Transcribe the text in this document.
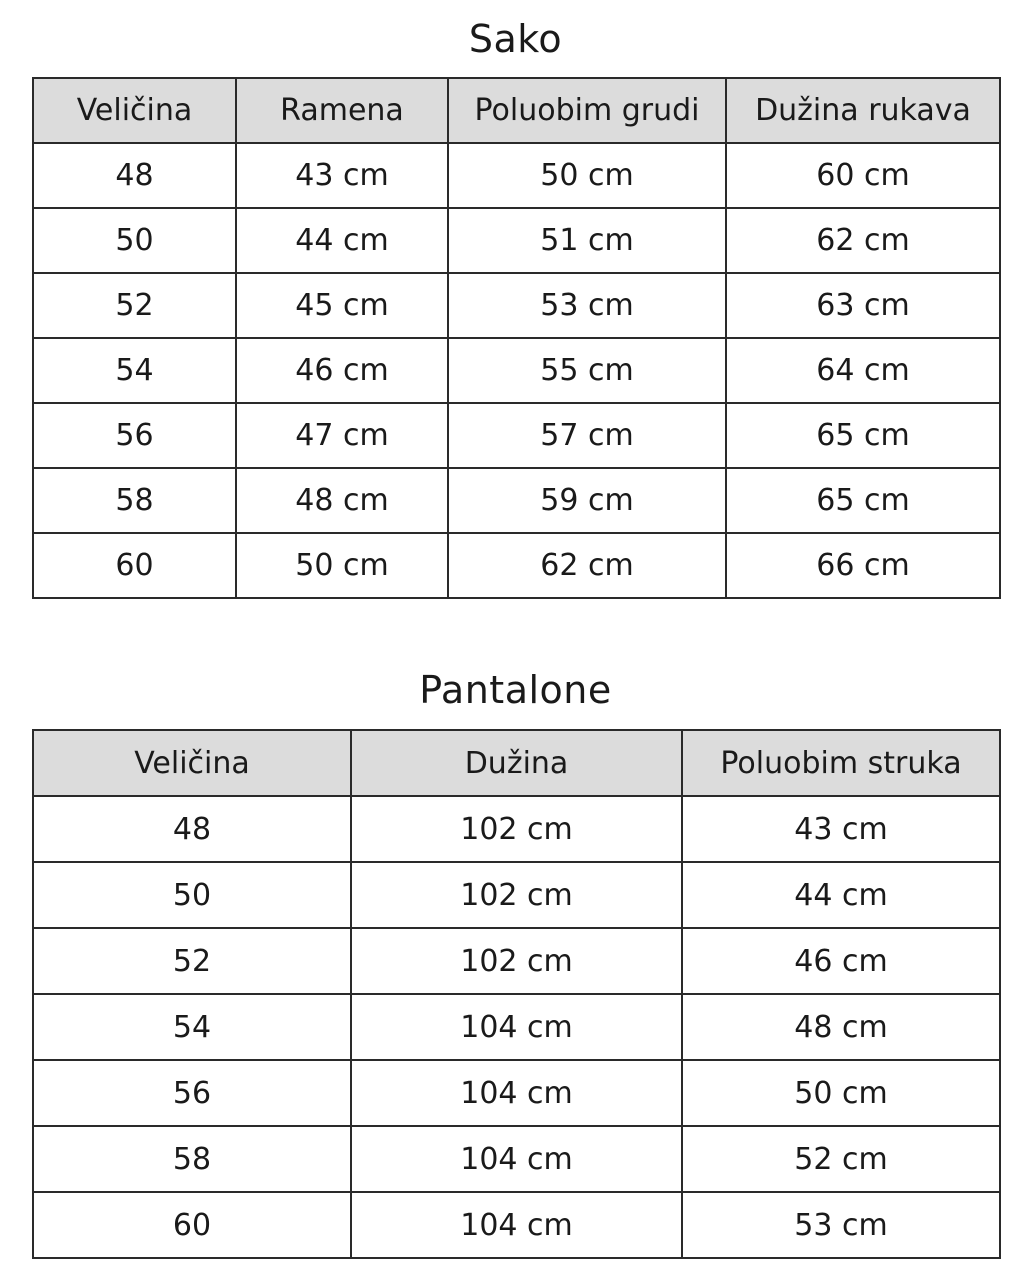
Sako
Veličina	Ramena	Poluobim grudi	Dužina rukava
48	43 cm	50 cm	60 cm
50	44 cm	51 cm	62 cm
52	45 cm	53 cm	63 cm
54	46 cm	55 cm	64 cm
56	47 cm	57 cm	65 cm
58	48 cm	59 cm	65 cm
60	50 cm	62 cm	66 cm
Pantalone
Veličina	Dužina	Poluobim struka
48	102 cm	43 cm
50	102 cm	44 cm
52	102 cm	46 cm
54	104 cm	48 cm
56	104 cm	50 cm
58	104 cm	52 cm
60	104 cm	53 cm
